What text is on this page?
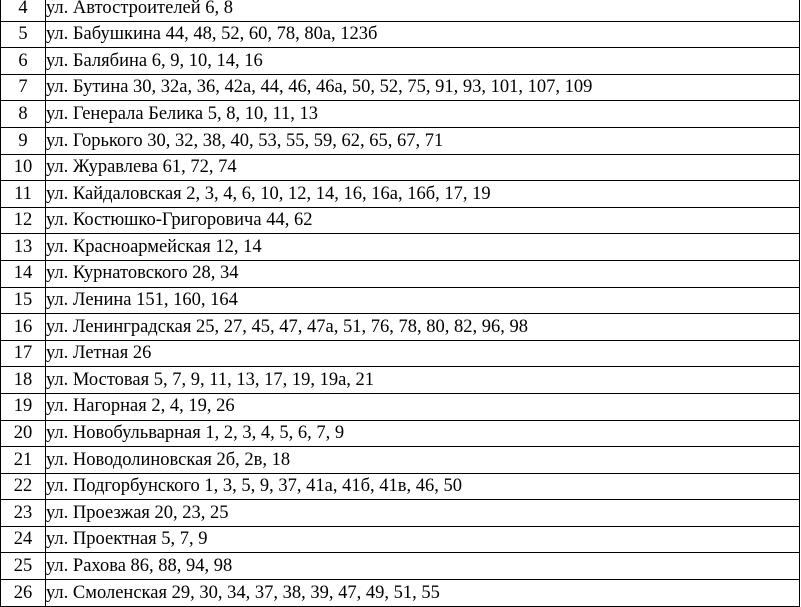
4	ул. Автостроителей 6, 8
5	ул. Бабушкина 44, 48, 52, 60, 78, 80а, 123б
6	ул. Балябина 6, 9, 10, 14, 16
7	ул. Бутина 30, 32а, 36, 42а, 44, 46, 46а, 50, 52, 75, 91, 93, 101, 107, 109
8	ул. Генерала Белика 5, 8, 10, 11, 13
9	ул. Горького 30, 32, 38, 40, 53, 55, 59, 62, 65, 67, 71
10	ул. Журавлева 61, 72, 74
11	ул. Кайдаловская 2, 3, 4, 6, 10, 12, 14, 16, 16а, 16б, 17, 19
12	ул. Костюшко-Григоровича 44, 62
13	ул. Красноармейская 12, 14
14	ул. Курнатовского 28, 34
15	ул. Ленина 151, 160, 164
16	ул. Ленинградская 25, 27, 45, 47, 47а, 51, 76, 78, 80, 82, 96, 98
17	ул. Летная 26
18	ул. Мостовая 5, 7, 9, 11, 13, 17, 19, 19а, 21
19	ул. Нагорная 2, 4, 19, 26
20	ул. Новобульварная 1, 2, 3, 4, 5, 6, 7, 9
21	ул. Новодолиновская 2б, 2в, 18
22	ул. Подгорбунского 1, 3, 5, 9, 37, 41а, 41б, 41в, 46, 50
23	ул. Проезжая 20, 23, 25
24	ул. Проектная 5, 7, 9
25	ул. Рахова 86, 88, 94, 98
26	ул. Смоленская 29, 30, 34, 37, 38, 39, 47, 49, 51, 55
